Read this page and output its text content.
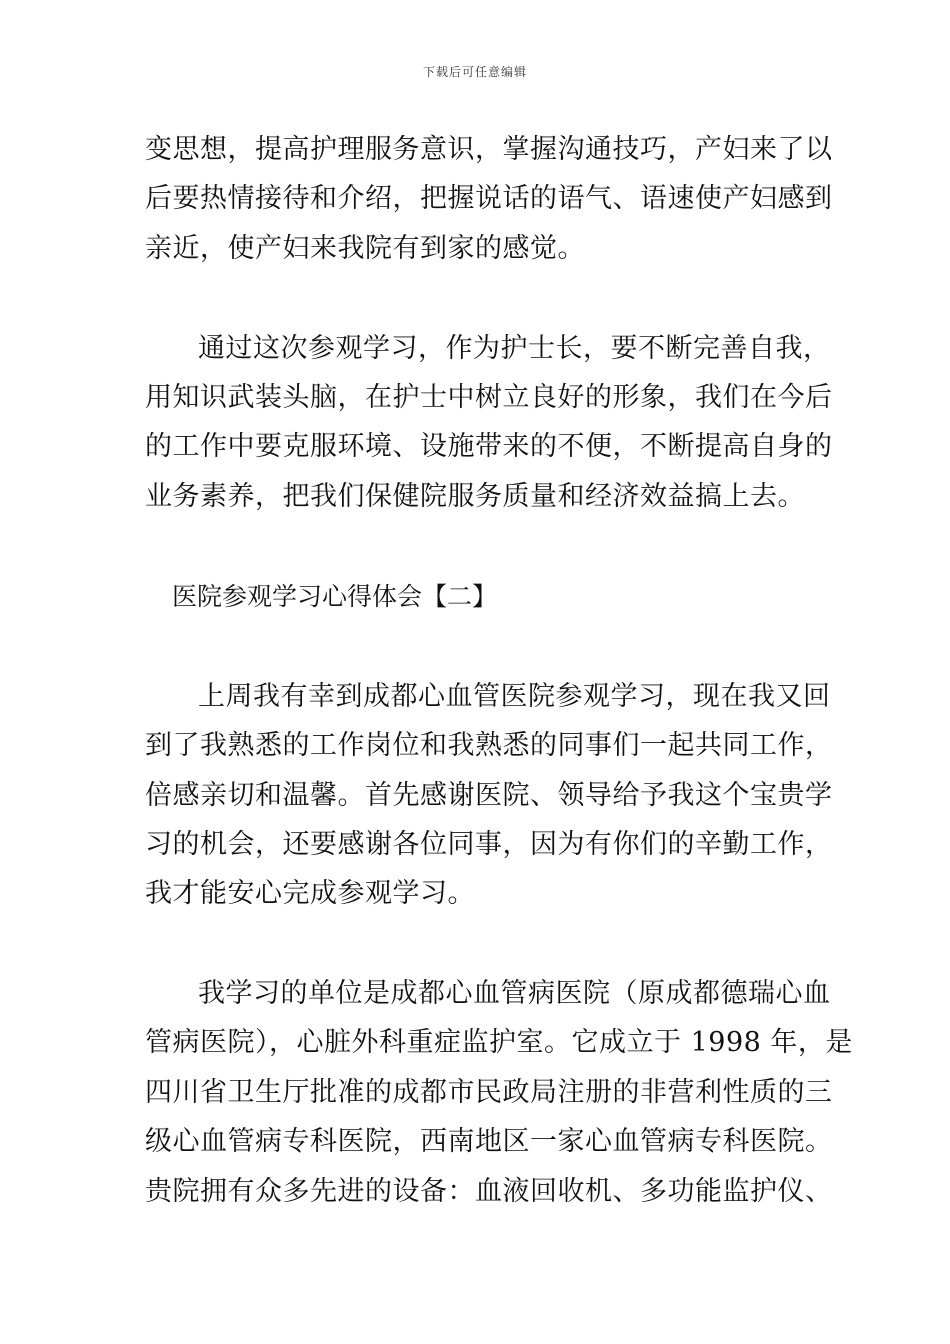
下载后可任意编辑
变思想，提高护理服务意识，掌握沟通技巧，产妇来了以
后要热情接待和介绍，把握说话的语气、语速使产妇感到
亲近，使产妇来我院有到家的感觉。
通过这次参观学习，作为护士长，要不断完善自我，
用知识武装头脑，在护士中树立良好的形象，我们在今后
的工作中要克服环境、设施带来的不便，不断提高自身的
业务素养，把我们保健院服务质量和经济效益搞上去。
医院参观学习心得体会【二】
上周我有幸到成都心血管医院参观学习，现在我又回
到了我熟悉的工作岗位和我熟悉的同事们一起共同工作，
倍感亲切和温馨。首先感谢医院、领导给予我这个宝贵学
习的机会，还要感谢各位同事，因为有你们的辛勤工作，
我才能安心完成参观学习。
我学习的单位是成都心血管病医院（原成都德瑞心血
管病医院），心脏外科重症监护室。它成立于 1998 年，是
四川省卫生厅批准的成都市民政局注册的非营利性质的三
级心血管病专科医院，西南地区一家心血管病专科医院。
贵院拥有众多先进的设备：血液回收机、多功能监护仪、
